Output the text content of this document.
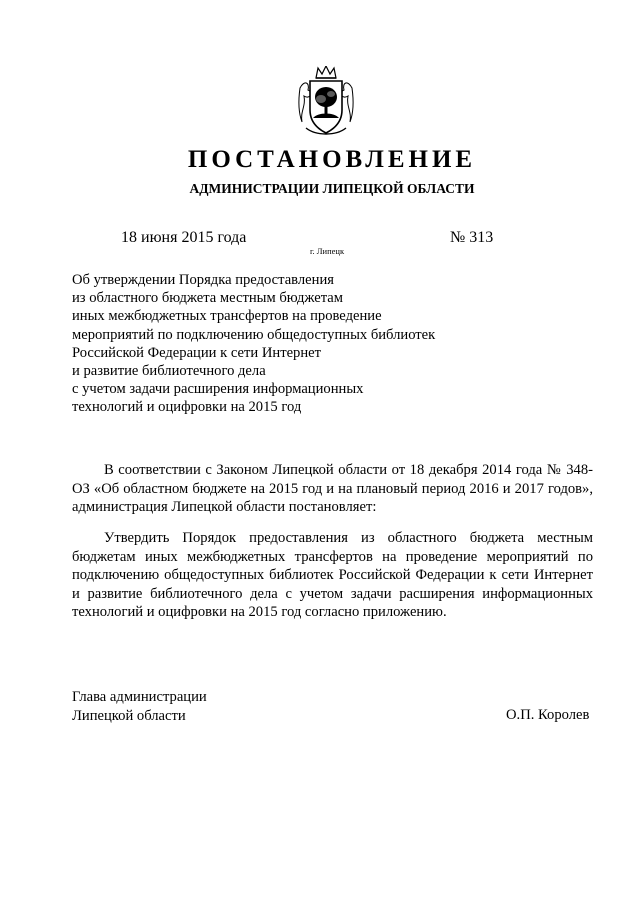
ПОСТАНОВЛЕНИЕ
АДМИНИСТРАЦИИ ЛИПЕЦКОЙ ОБЛАСТИ
18 июня 2015 года
г. Липецк
№ 313
Об утверждении Порядка предоставления
из областного бюджета местным бюджетам
иных межбюджетных трансфертов на проведение
мероприятий по подключению общедоступных библиотек
Российской Федерации к сети Интернет
и развитие библиотечного дела
с учетом задачи расширения информационных
технологий и оцифровки на 2015 год
В соответствии с Законом Липецкой области от 18 декабря 2014 года № 348-ОЗ «Об областном бюджете на 2015 год и на плановый период 2016 и 2017 годов», администрация Липецкой области постановляет:
Утвердить Порядок предоставления из областного бюджета местным бюджетам иных межбюджетных трансфертов на проведение мероприятий по подключению общедоступных библиотек Российской Федерации к сети Интернет и развитие библиотечного дела с учетом задачи расширения информационных технологий и оцифровки на 2015 год согласно приложению.
Глава администрации
Липецкой области	О.П. Королев
